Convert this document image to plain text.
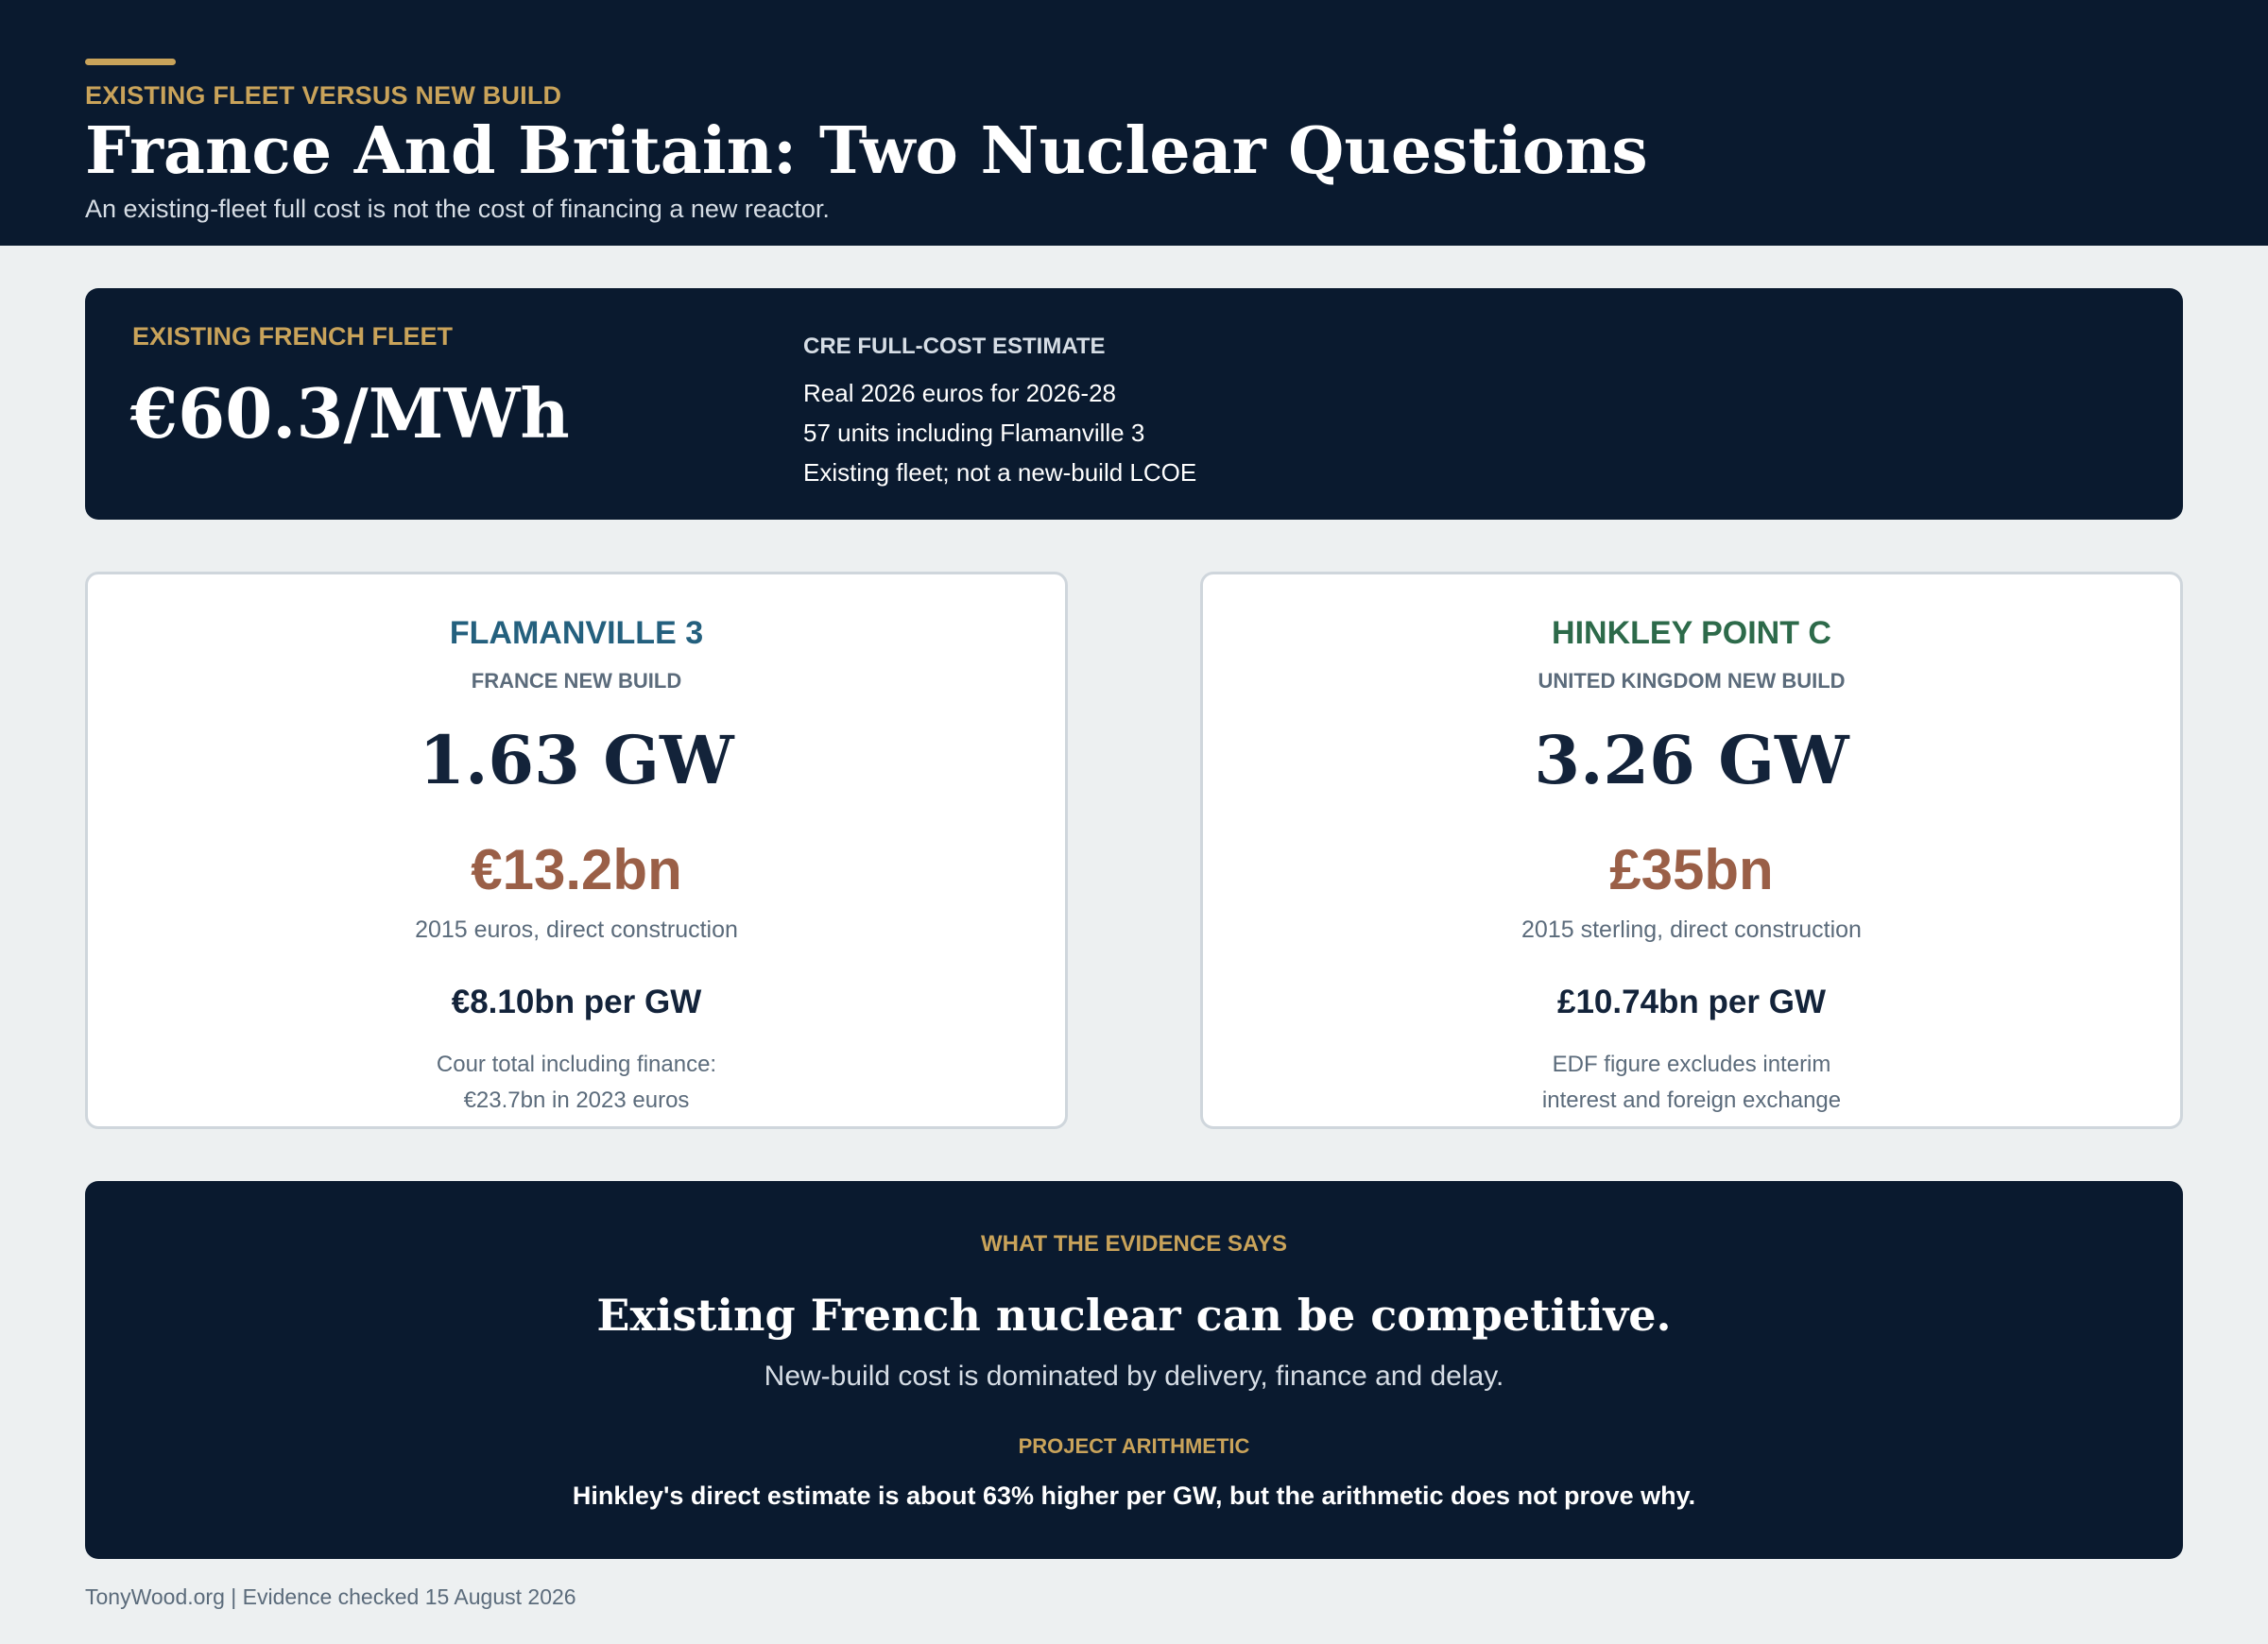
EXISTING FLEET VERSUS NEW BUILD
France And Britain: Two Nuclear Questions
An existing-fleet full cost is not the cost of financing a new reactor.
EXISTING FRENCH FLEET
€60.3/MWh
CRE FULL-COST ESTIMATE
Real 2026 euros for 2026-28
57 units including Flamanville 3
Existing fleet; not a new-build LCOE
FLAMANVILLE 3
FRANCE NEW BUILD
1.63 GW
€13.2bn
2015 euros, direct construction
€8.10bn per GW
Cour total including finance:
€23.7bn in 2023 euros
HINKLEY POINT C
UNITED KINGDOM NEW BUILD
3.26 GW
£35bn
2015 sterling, direct construction
£10.74bn per GW
EDF figure excludes interim
interest and foreign exchange
WHAT THE EVIDENCE SAYS
Existing French nuclear can be competitive.
New-build cost is dominated by delivery, finance and delay.
PROJECT ARITHMETIC
Hinkley's direct estimate is about 63% higher per GW, but the arithmetic does not prove why.
TonyWood.org | Evidence checked 15 August 2026
